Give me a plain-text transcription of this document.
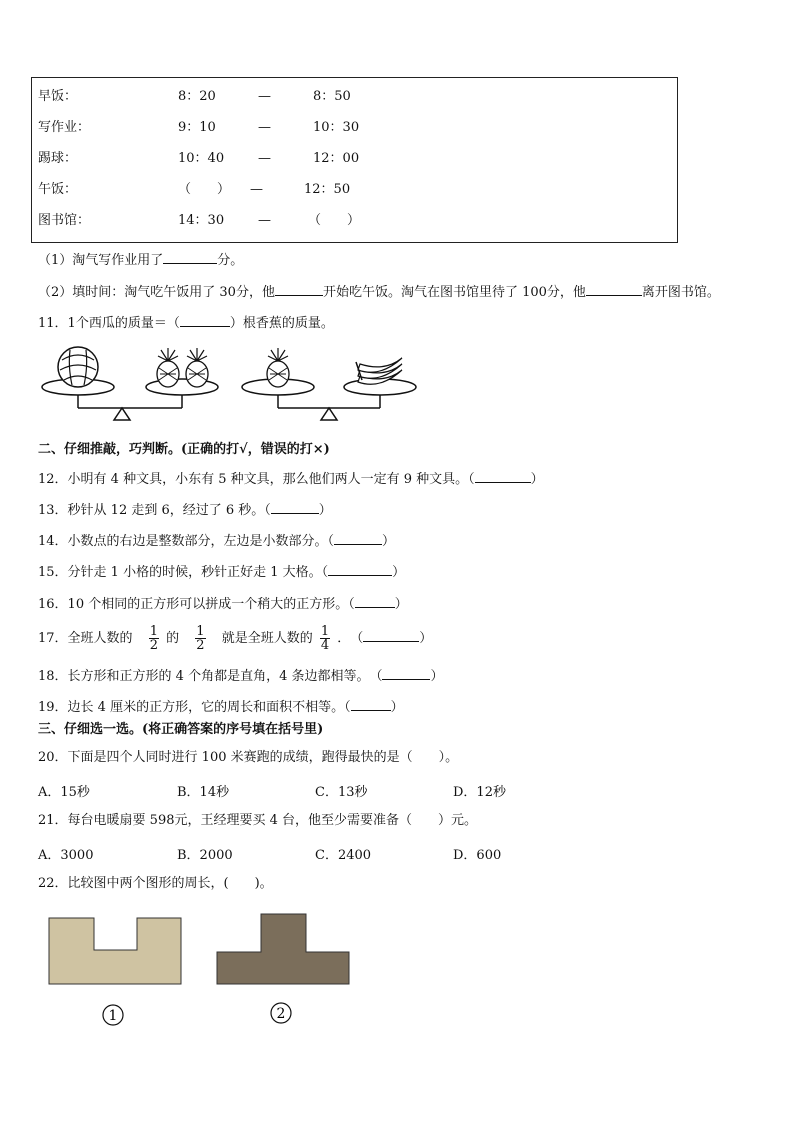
早饭：	8：20	—	8：50
写作业：	9：10	—	10：30
踢球：	10：40	—	12：00
午饭：	（　　） —	12：50
图书馆：	14：30	—	（　　）
（1）淘气写作业用了	分。
（2）填时间：淘气吃午饭用了 30分，他	开始吃午饭。淘气在图书馆里待了 100分，他	离开图书馆。
11．1个西瓜的质量＝（	）根香蕉的质量。
二、仔细推敲，巧判断。(正确的打√，错误的打×)
12．小明有 4 种文具，小东有 5 种文具，那么他们两人一定有 9 种文具。（	）
13．秒针从 12 走到 6，经过了 6 秒。（	）
14．小数点的右边是整数部分，左边是小数部分。（	）
15．分针走 1 小格的时候，秒针正好走 1 大格。（	）
16．10 个相同的正方形可以拼成一个稍大的正方形。（	）
17．全班人数的 $\frac{1}{2}$ 的 $\frac{1}{2}$ 就是全班人数的 $\frac{1}{4}$ ．　（	）
18．长方形和正方形的 4 个角都是直角，4 条边都相等。　（	）
19．边长 4 厘米的正方形，它的周长和面积不相等。（	）
三、仔细选一选。(将正确答案的序号填在括号里)
20．下面是四个人同时进行 100 米赛跑的成绩，跑得最快的是（　　）。
A．15秒	B．14秒	C．13秒	D．12秒
21．每台电暖扇要 598元，王经理要买 4 台，他至少需要准备（　　）元。
A．3000	B．2000	C．2400	D．600
22．比较图中两个图形的周长，(　　)。
1	2
